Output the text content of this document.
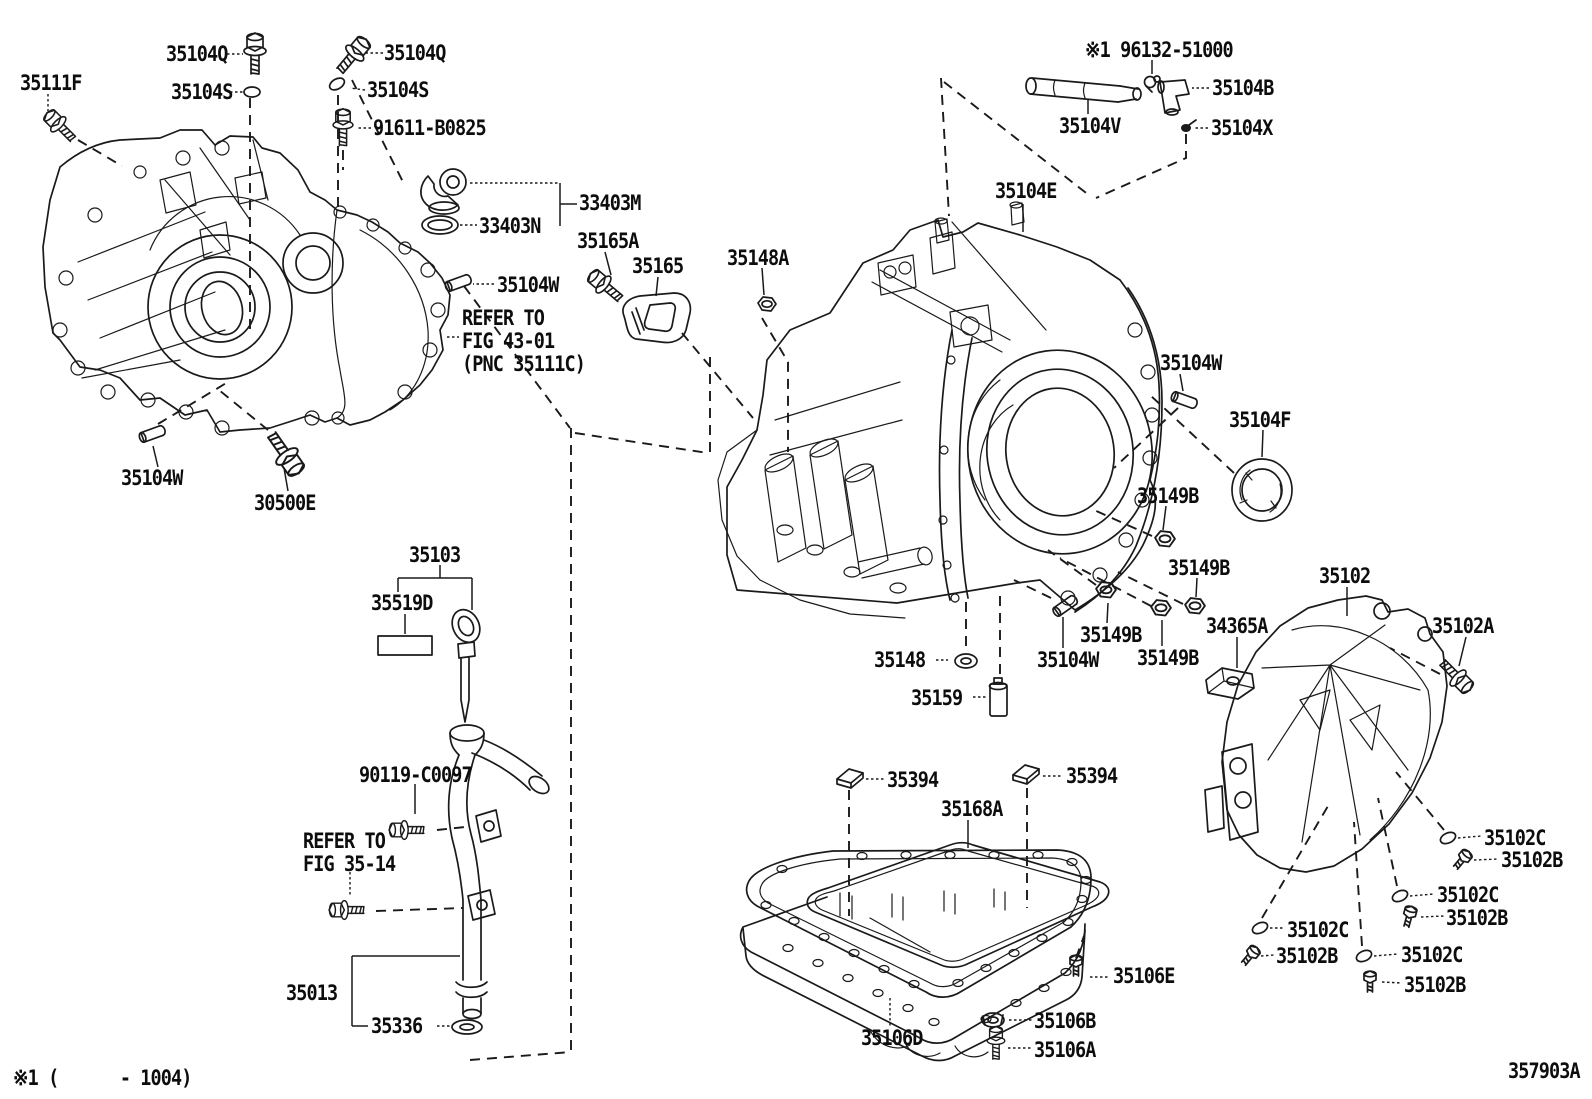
35111F
35104Q
35104S
35104Q
35104S
91611-B0825
33403M
33403N
35165A
35165
35104W
REFER TO
FIG 43-01
(PNC 35111C)
35104W
30500E
35103
35519D
90119-C0097
REFER TO
FIG 35-14
35013
35336
※1 96132-51000
35104B
35104V	35104X
35104E
35148A
35104W
35104F
35149B
35149B	35102
35149B	34365A	35102A
35104W 35149B
35148
35159
35394	35394
35168A
35102C
35102B
35102C
35102B
35102C
35102B	35102C
35102B
35106E
35106B
35106A
35106D
※1 (      - 1004)	357903A
